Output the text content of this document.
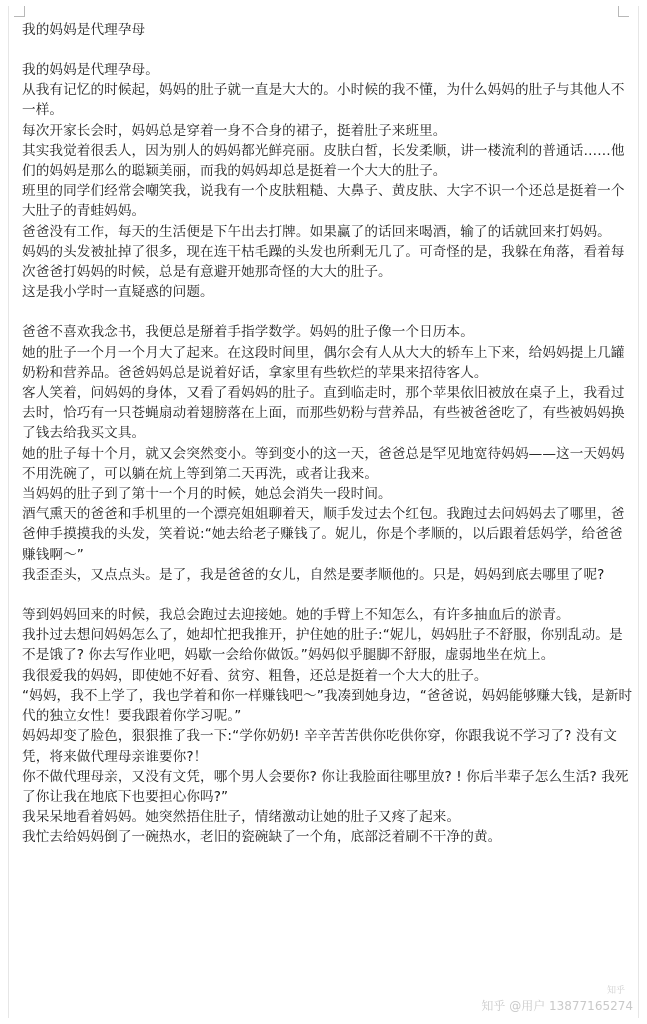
我的妈妈是代理孕母

我的妈妈是代理孕母。

从我有记忆的时候起，妈妈的肚子就一直是大大的。小时候的我不懂，为什么妈妈的肚子与其他人不一样。

每次开家长会时，妈妈总是穿着一身不合身的裙子，挺着肚子来班里。

其实我觉着很丢人，因为别人的妈妈都光鲜亮丽。皮肤白皙，长发柔顺，讲一楼流利的普通话……他们的妈妈是那么的聪颖美丽，而我的妈妈却总是挺着一个大大的肚子。

班里的同学们经常会嘲笑我，说我有一个皮肤粗糙、大鼻子、黄皮肤、大字不识一个还总是挺着一个大肚子的青蛙妈妈。

爸爸没有工作，每天的生活便是下午出去打牌。如果赢了的话回来喝酒，输了的话就回来打妈妈。

妈妈的头发被扯掉了很多，现在连干枯毛躁的头发也所剩无几了。可奇怪的是，我躲在角落，看着每次爸爸打妈妈的时候，总是有意避开她那奇怪的大大的肚子。

这是我小学时一直疑惑的问题。

爸爸不喜欢我念书，我便总是掰着手指学数学。妈妈的肚子像一个日历本。

她的肚子一个月一个月大了起来。在这段时间里，偶尔会有人从大大的轿车上下来，给妈妈提上几罐奶粉和营养品。爸爸妈妈总是说着好话，拿家里有些软烂的苹果来招待客人。

客人笑着，问妈妈的身体，又看了看妈妈的肚子。直到临走时，那个苹果依旧被放在桌子上，我看过去时，恰巧有一只苍蝇扇动着翅膀落在上面，而那些奶粉与营养品，有些被爸爸吃了，有些被妈妈换了钱去给我买文具。

她的肚子每十个月，就又会突然变小。等到变小的这一天，爸爸总是罕见地宽待妈妈——这一天妈妈不用洗碗了，可以躺在炕上等到第二天再洗，或者让我来。

当妈妈的肚子到了第十一个月的时候，她总会消失一段时间。

酒气熏天的爸爸和手机里的一个漂亮姐姐聊着天，顺手发过去个红包。我跑过去问妈妈去了哪里，爸爸伸手摸摸我的头发，笑着说:“她去给老子赚钱了。妮儿，你是个孝顺的，以后跟着恁妈学，给爸爸赚钱啊～”

我歪歪头，又点点头。是了，我是爸爸的女儿，自然是要孝顺他的。只是，妈妈到底去哪里了呢?

等到妈妈回来的时候，我总会跑过去迎接她。她的手臂上不知怎么，有许多抽血后的淤青。

我扑过去想问妈妈怎么了，她却忙把我推开，护住她的肚子:“妮儿，妈妈肚子不舒服，你别乱动。是不是饿了? 你去写作业吧，妈歇一会给你做饭。”妈妈似乎腿脚不舒服，虚弱地坐在炕上。

我很爱我的妈妈，即使她不好看、贫穷、粗鲁，还总是挺着一个大大的肚子。

“妈妈，我不上学了，我也学着和你一样赚钱吧～”我凑到她身边，“爸爸说，妈妈能够赚大钱，是新时代的独立女性！要我跟着你学习呢。”

妈妈却变了脸色，狠狠推了我一下:“学你奶奶! 辛辛苦苦供你吃供你穿，你跟我说不学习了? 没有文凭，将来做代理母亲谁要你?！

你不做代理母亲，又没有文凭，哪个男人会要你? 你让我脸面往哪里放? ! 你后半辈子怎么生活? 我死了你让我在地底下也要担心你吗?”

我呆呆地看着妈妈。她突然捂住肚子，情绪激动让她的肚子又疼了起来。

我忙去给妈妈倒了一碗热水，老旧的瓷碗缺了一个角，底部泛着刷不干净的黄。

知乎
知乎 @用户 13877165274
